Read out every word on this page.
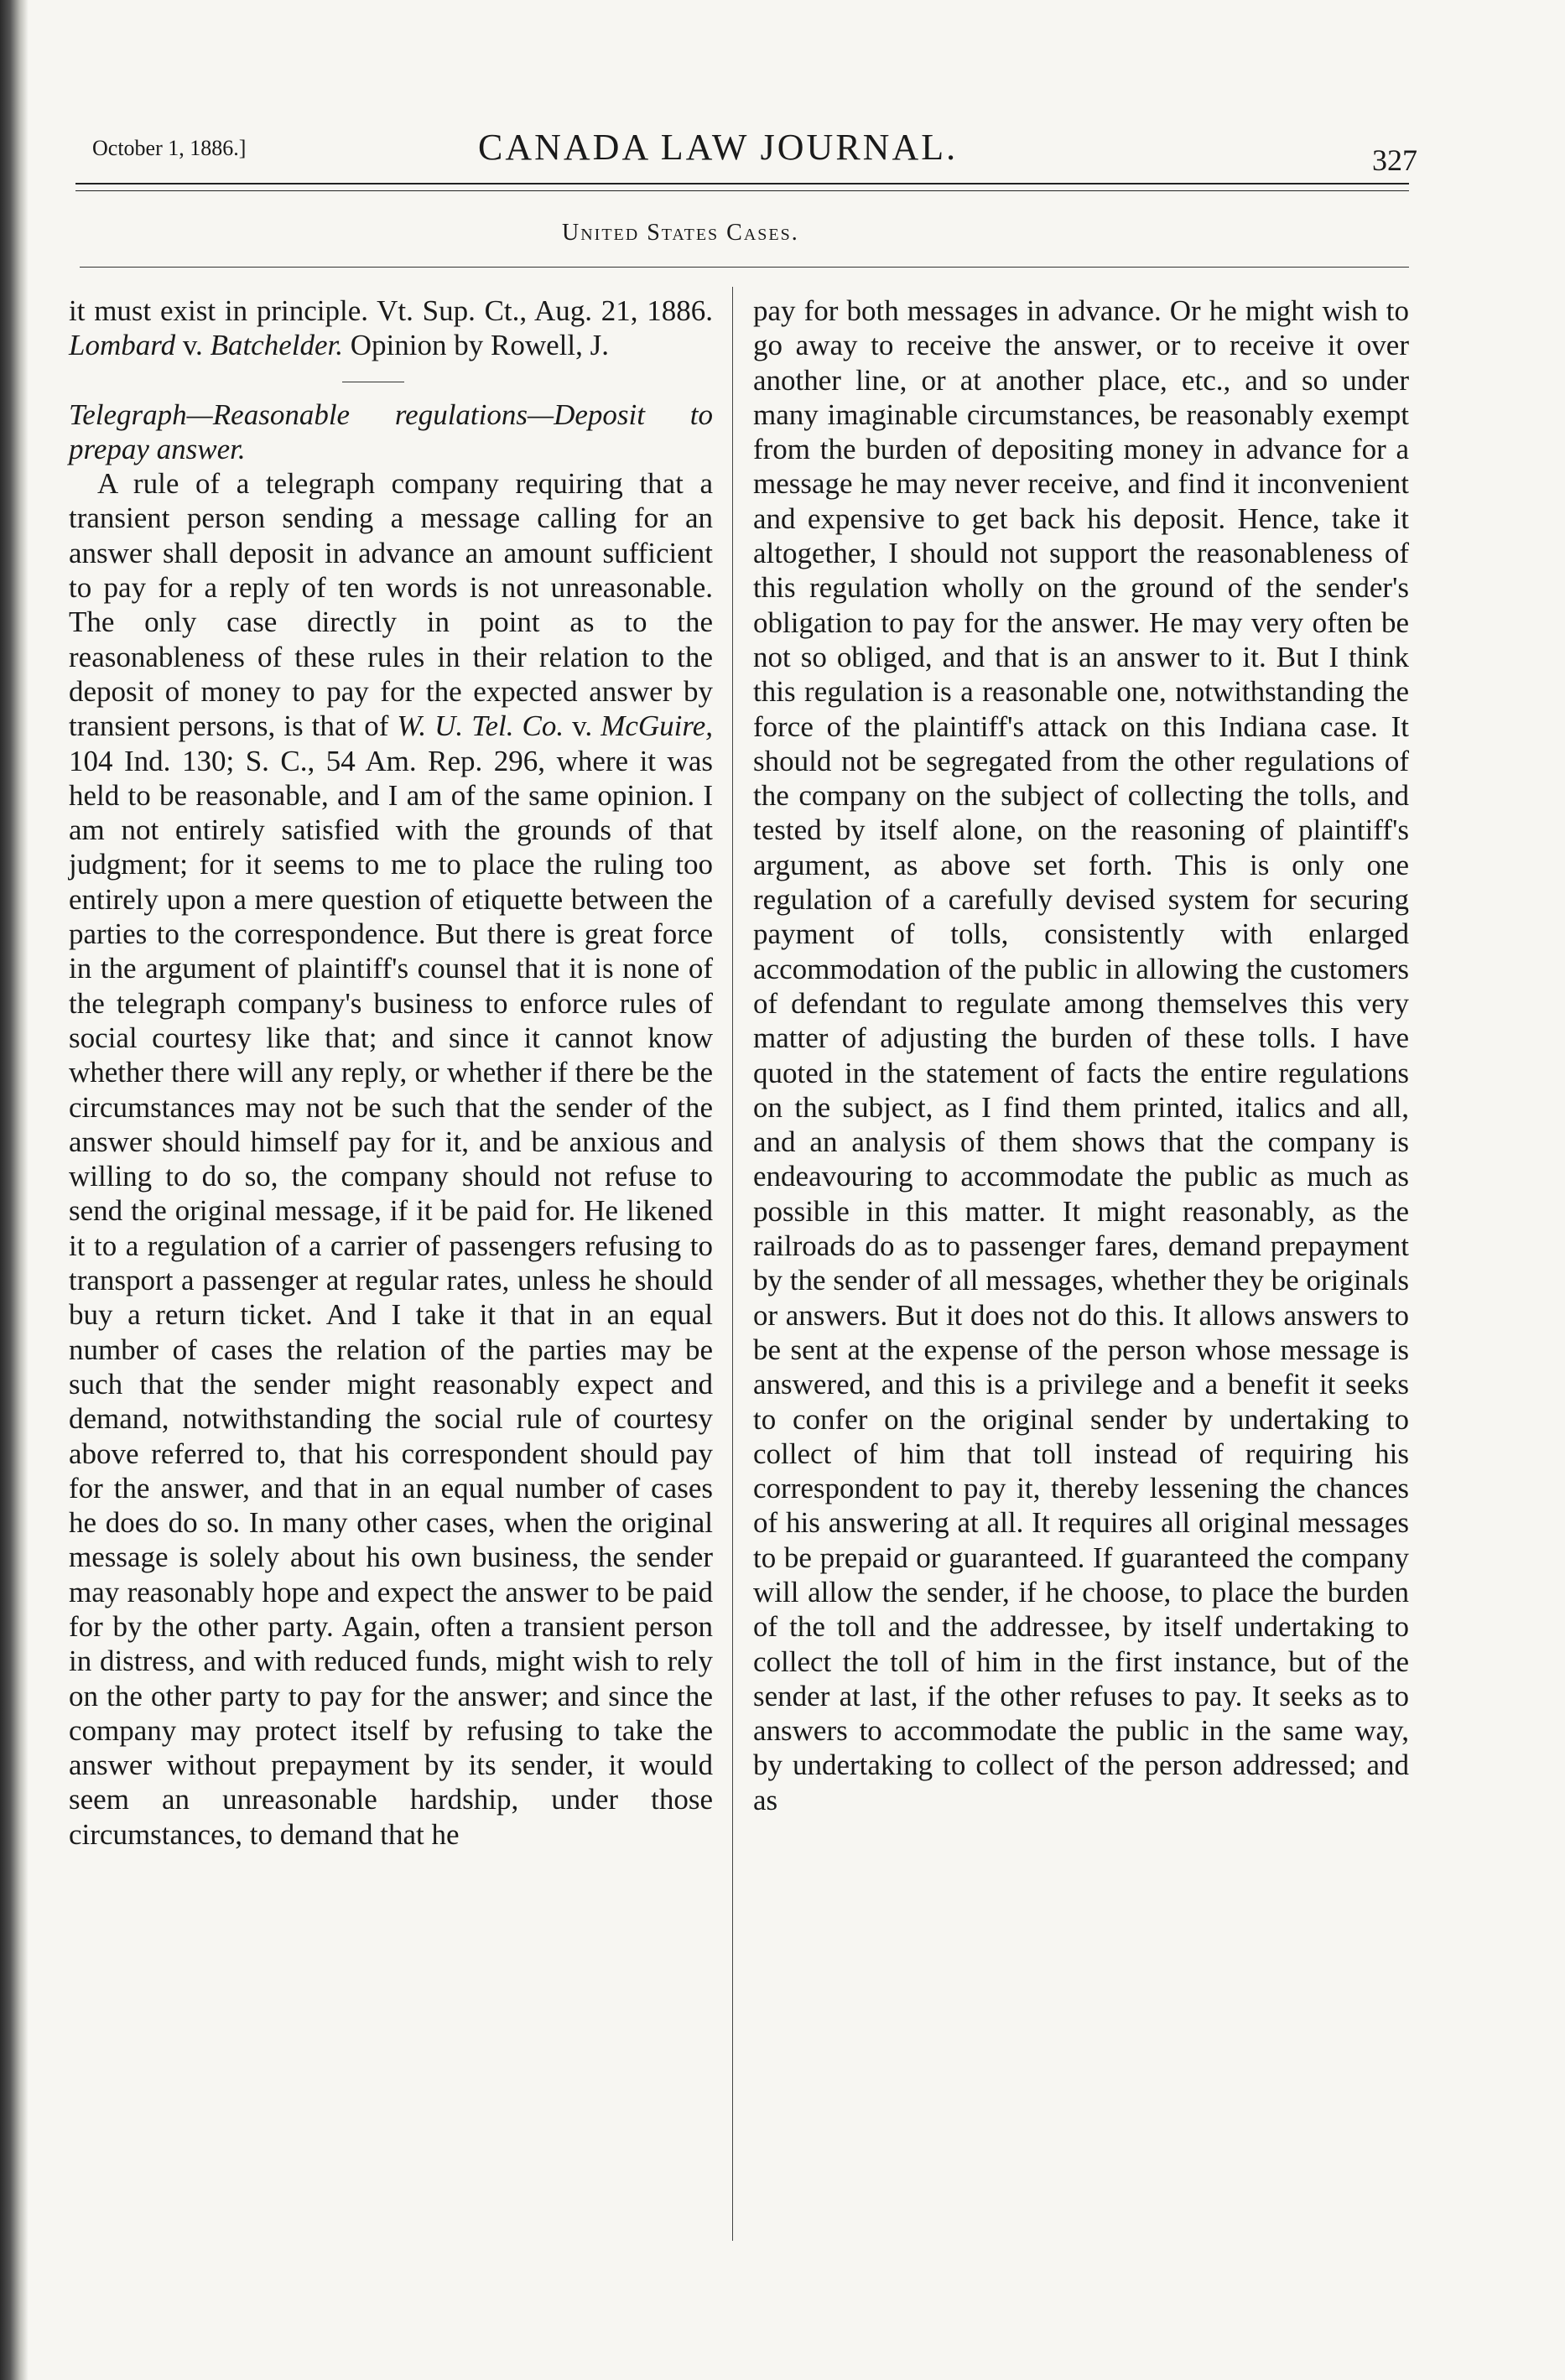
October 1, 1886.]	CANADA LAW JOURNAL.	327
United States Cases.

it must exist in principle. Vt. Sup. Ct., Aug. 21, 1886. Lombard v. Batchelder. Opinion by Rowell, J.

Telegraph—Reasonable regulations—Deposit to prepay answer.

A rule of a telegraph company requiring that a transient person sending a message calling for an answer shall deposit in advance an amount sufficient to pay for a reply of ten words is not unreasonable. The only case directly in point as to the reasonableness of these rules in their relation to the deposit of money to pay for the expected answer by transient persons, is that of W. U. Tel. Co. v. McGuire, 104 Ind. 130; S. C., 54 Am. Rep. 296, where it was held to be reasonable, and I am of the same opinion. I am not entirely satisfied with the grounds of that judgment; for it seems to me to place the ruling too entirely upon a mere question of etiquette between the parties to the correspondence. But there is great force in the argument of plaintiff's counsel that it is none of the telegraph company's business to enforce rules of social courtesy like that; and since it cannot know whether there will any reply, or whether if there be the circumstances may not be such that the sender of the answer should himself pay for it, and be anxious and willing to do so, the company should not refuse to send the original message, if it be paid for. He likened it to a regulation of a carrier of passengers refusing to transport a passenger at regular rates, unless he should buy a return ticket. And I take it that in an equal number of cases the relation of the parties may be such that the sender might reasonably expect and demand, notwithstanding the social rule of courtesy above referred to, that his correspondent should pay for the answer, and that in an equal number of cases he does do so. In many other cases, when the original message is solely about his own business, the sender may reasonably hope and expect the answer to be paid for by the other party. Again, often a transient person in distress, and with reduced funds, might wish to rely on the other party to pay for the answer; and since the company may protect itself by refusing to take the answer without prepayment by its sender, it would seem an unreasonable hardship, under those circumstances, to demand that he

pay for both messages in advance. Or he might wish to go away to receive the answer, or to receive it over another line, or at another place, etc., and so under many imaginable circumstances, be reasonably exempt from the burden of depositing money in advance for a message he may never receive, and find it inconvenient and expensive to get back his deposit. Hence, take it altogether, I should not support the reasonableness of this regulation wholly on the ground of the sender's obligation to pay for the answer. He may very often be not so obliged, and that is an answer to it. But I think this regulation is a reasonable one, notwithstanding the force of the plaintiff's attack on this Indiana case. It should not be segregated from the other regulations of the company on the subject of collecting the tolls, and tested by itself alone, on the reasoning of plaintiff's argument, as above set forth. This is only one regulation of a carefully devised system for securing payment of tolls, consistently with enlarged accommodation of the public in allowing the customers of defendant to regulate among themselves this very matter of adjusting the burden of these tolls. I have quoted in the statement of facts the entire regulations on the subject, as I find them printed, italics and all, and an analysis of them shows that the company is endeavouring to accommodate the public as much as possible in this matter. It might reasonably, as the railroads do as to passenger fares, demand prepayment by the sender of all messages, whether they be originals or answers. But it does not do this. It allows answers to be sent at the expense of the person whose message is answered, and this is a privilege and a benefit it seeks to confer on the original sender by undertaking to collect of him that toll instead of requiring his correspondent to pay it, thereby lessening the chances of his answering at all. It requires all original messages to be prepaid or guaranteed. If guaranteed the company will allow the sender, if he choose, to place the burden of the toll and the addressee, by itself undertaking to collect the toll of him in the first instance, but of the sender at last, if the other refuses to pay. It seeks as to answers to accommodate the public in the same way, by undertaking to collect of the person addressed; and as
